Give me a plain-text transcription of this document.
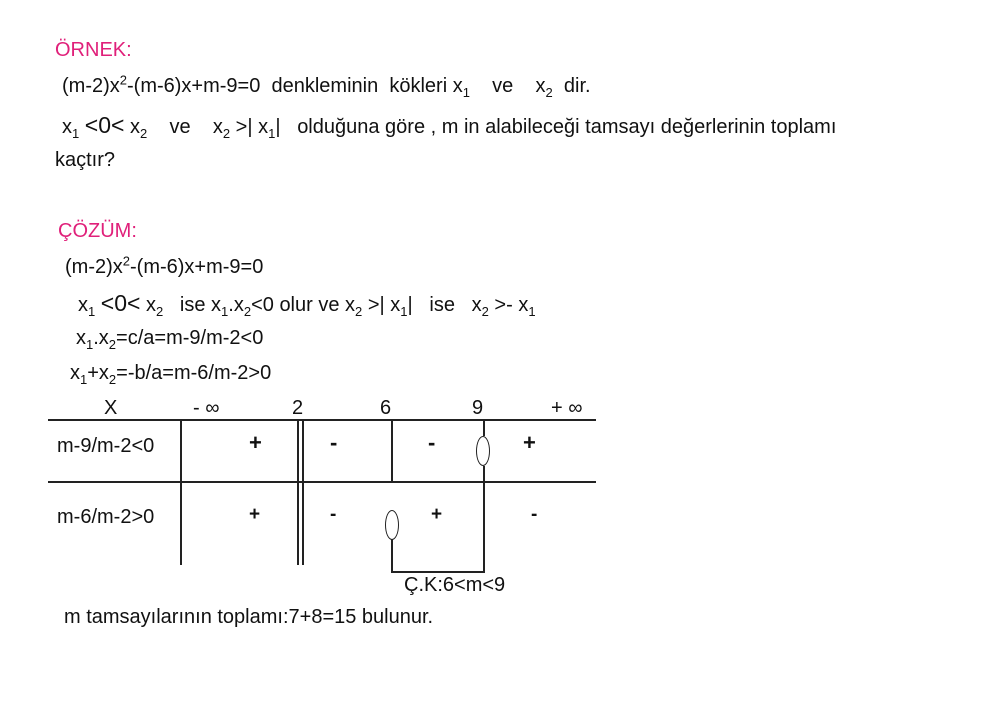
ÖRNEK:
$(m-2)x^2-(m-6)x+m-9=0$ denkleminin kökleri $x_1$ ve $x_2$ dir.
$x_1 <0< x_2$ ve $x_2$ >| $x_1|$ olduğuna göre , m in alabileceği tamsayı değerlerinin toplamı
kaçtır?
ÇÖZÜM:
$(m-2)x^2-(m-6)x+m-9=0$
$x_1 <0< x_2$ ise $x_1.x_2<0$ olur ve $x_2$ >| $x_1|$ ise $x_2 >- x_1$
$x_1.x_2=c/a=m-9/m-2<0$
$x_1+x_2=-b/a=m-6/m-2>0$
X	- ∞	2	6	9	+ ∞
m-9/m-2<0	+	-	-	+
m-6/m-2>0	+	-	+	-
Ç.K:6<m<9
m tamsayılarının toplamı:7+8=15 bulunur.
